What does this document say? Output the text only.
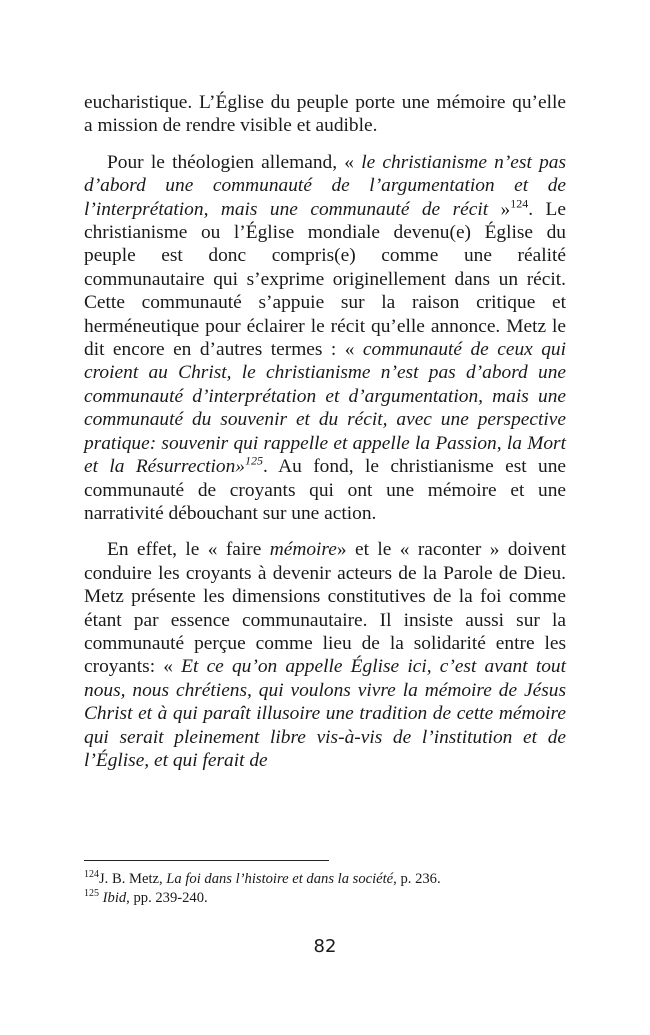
eucharistique. L’Église du peuple porte une mémoire qu’elle a mission de rendre visible et audible.

Pour le théologien allemand, « le christianisme n’est pas d’abord une communauté de l’argumentation et de l’interprétation, mais une communauté de récit »$^{124}$. Le christianisme ou l’Église mondiale devenu(e) Église du peuple est donc compris(e) comme une réalité communautaire qui s’exprime originellement dans un récit. Cette communauté s’appuie sur la raison critique et herméneutique pour éclairer le récit qu’elle annonce. Metz le dit encore en d’autres termes : « communauté de ceux qui croient au Christ, le christianisme n’est pas d’abord une communauté d’interprétation et d’argumentation, mais une communauté du souvenir et du récit, avec une perspective pratique: souvenir qui rappelle et appelle la Passion, la Mort et la Résurrection»$^{125}$. Au fond, le christianisme est une communauté de croyants qui ont une mémoire et une narrativité débouchant sur une action.

En effet, le « faire mémoire» et le « raconter » doivent conduire les croyants à devenir acteurs de la Parole de Dieu. Metz présente les dimensions constitutives de la foi comme étant par essence communautaire. Il insiste aussi sur la communauté perçue comme lieu de la solidarité entre les croyants: « Et ce qu’on appelle Église ici, c’est avant tout nous, nous chrétiens, qui voulons vivre la mémoire de Jésus Christ et à qui paraît illusoire une tradition de cette mémoire qui serait pleinement libre vis-à-vis de l’institution et de l’Église, et qui ferait de

$^{124}$J. B. Metz, La foi dans l’histoire et dans la société, p. 236.
$^{125}$ Ibid, pp. 239-240.
82
